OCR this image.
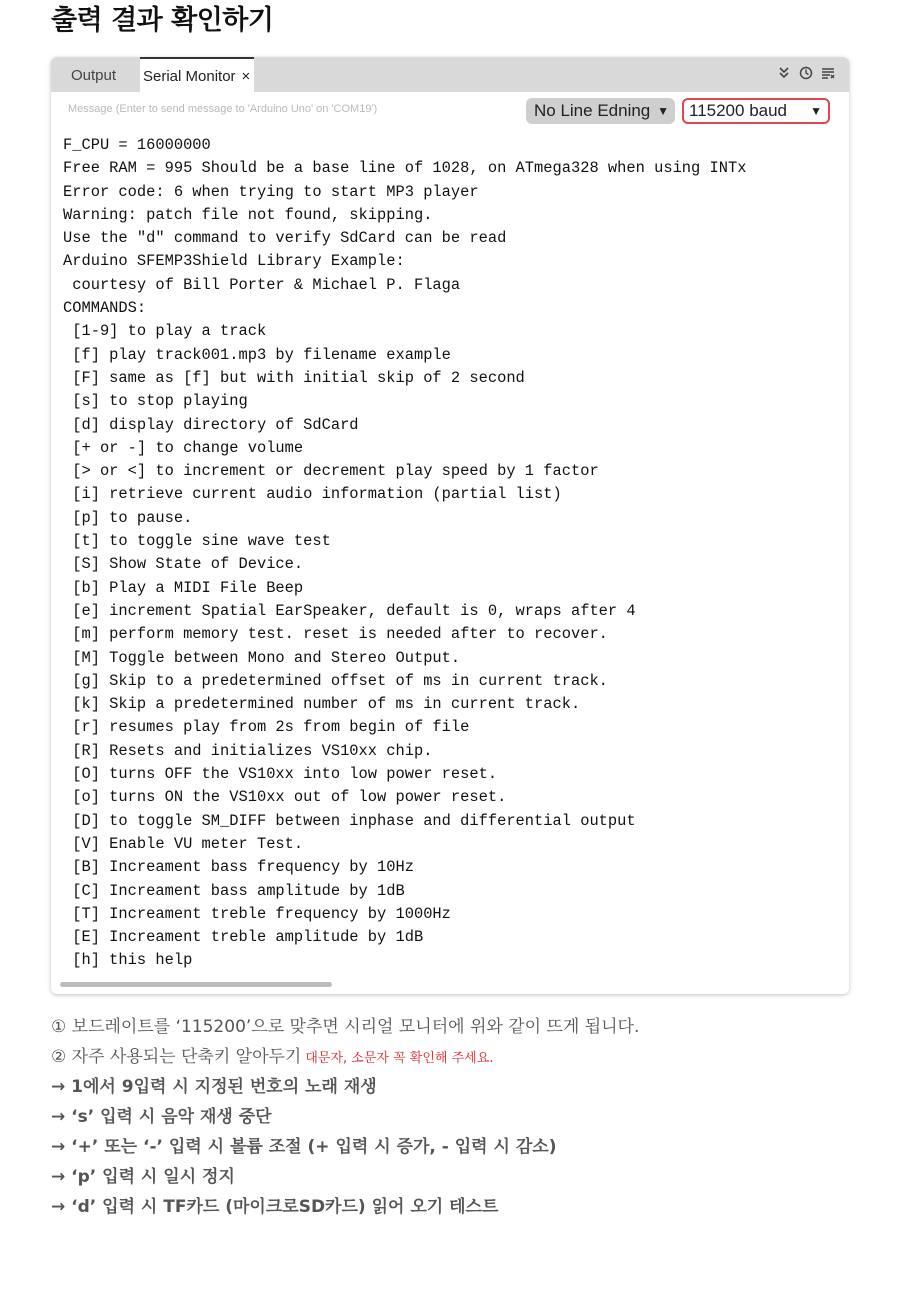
출력 결과 확인하기
Output Serial Monitor ×
Message (Enter to send message to 'Arduino Uno' on 'COM19')	No Line Edning ▼	115200 baud ▼
F_CPU = 16000000
Free RAM = 995 Should be a base line of 1028, on ATmega328 when using INTx
Error code: 6 when trying to start MP3 player
Warning: patch file not found, skipping.
Use the "d" command to verify SdCard can be read
Arduino SFEMP3Shield Library Example:
courtesy of Bill Porter & Michael P. Flaga
COMMANDS:
[1-9] to play a track
[f] play track001.mp3 by filename example
[F] same as [f] but with initial skip of 2 second
[s] to stop playing
[d] display directory of SdCard
[+ or -] to change volume
[> or <] to increment or decrement play speed by 1 factor
[i] retrieve current audio information (partial list)
[p] to pause.
[t] to toggle sine wave test
[S] Show State of Device.
[b] Play a MIDI File Beep
[e] increment Spatial EarSpeaker, default is 0, wraps after 4
[m] perform memory test. reset is needed after to recover.
[M] Toggle between Mono and Stereo Output.
[g] Skip to a predetermined offset of ms in current track.
[k] Skip a predetermined number of ms in current track.
[r] resumes play from 2s from begin of file
[R] Resets and initializes VS10xx chip.
[O] turns OFF the VS10xx into low power reset.
[o] turns ON the VS10xx out of low power reset.
[D] to toggle SM_DIFF between inphase and differential output
[V] Enable VU meter Test.
[B] Increament bass frequency by 10Hz
[C] Increament bass amplitude by 1dB
[T] Increament treble frequency by 1000Hz
[E] Increament treble amplitude by 1dB
[h] this help
① 보드레이트를 ‘115200’으로 맞추면 시리얼 모니터에 위와 같이 뜨게 됩니다.
② 자주 사용되는 단축키 알아두기 대문자, 소문자 꼭 확인해 주세요.
→ 1에서 9입력 시 지정된 번호의 노래 재생
→ ‘s’ 입력 시 음악 재생 중단
→ ‘+’ 또는 ‘-’ 입력 시 볼륨 조절 (+ 입력 시 증가, - 입력 시 감소)
→ ‘p’ 입력 시 일시 정지
→ ‘d’ 입력 시 TF카드 (마이크로SD카드) 읽어 오기 테스트
